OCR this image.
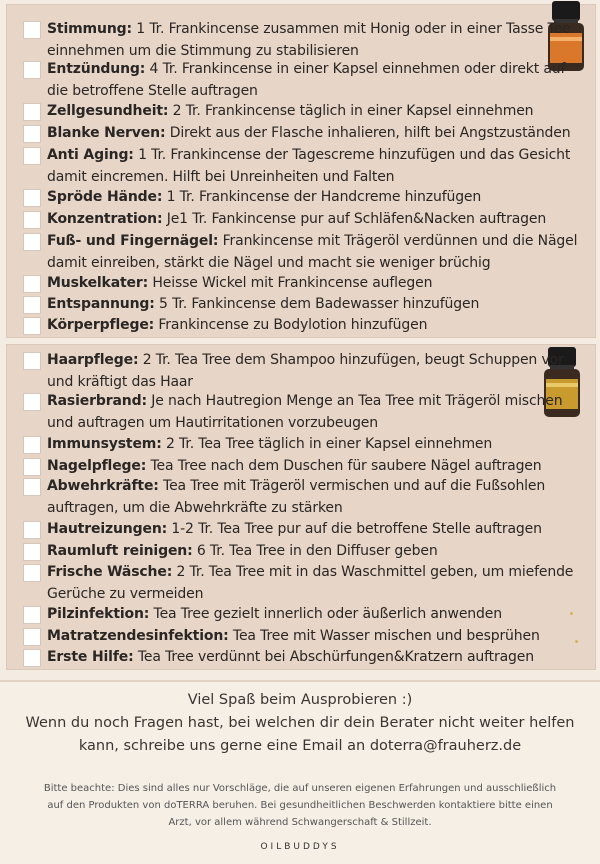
Stimmung: 1 Tr. Frankincense zusammen mit Honig oder in einer Tasse Tee einnehmen um die Stimmung zu stabilisieren
Entzündung: 4 Tr. Frankincense in einer Kapsel einnehmen oder direkt auf die betroffene Stelle auftragen
Zellgesundheit: 2 Tr. Frankincense täglich in einer Kapsel einnehmen
Blanke Nerven: Direkt aus der Flasche inhalieren, hilft bei Angstzuständen
Anti Aging: 1 Tr. Frankincense der Tagescreme hinzufügen und das Gesicht damit eincremen. Hilft bei Unreinheiten und Falten
Spröde Hände: 1 Tr. Frankincense der Handcreme hinzufügen
Konzentration: Je1 Tr. Fankincense pur auf Schläfen&Nacken auftragen
Fuß- und Fingernägel: Frankincense mit Trägeröl verdünnen und die Nägel damit einreiben, stärkt die Nägel und macht sie weniger brüchig
Muskelkater: Heisse Wickel mit Frankincense auflegen
Entspannung: 5 Tr. Fankincense dem Badewasser hinzufügen
Körperpflege: Frankincense zu Bodylotion hinzufügen
Haarpflege: 2 Tr. Tea Tree dem Shampoo hinzufügen, beugt Schuppen vor und kräftigt das Haar
Rasierbrand: Je nach Hautregion Menge an Tea Tree mit Trägeröl mischen und auftragen um Hautirritationen vorzubeugen
Immunsystem: 2 Tr. Tea Tree täglich in einer Kapsel einnehmen
Nagelpflege: Tea Tree nach dem Duschen für saubere Nägel auftragen
Abwehrkräfte: Tea Tree mit Trägeröl vermischen und auf die Fußsohlen auftragen, um die Abwehrkräfte zu stärken
Hautreizungen: 1-2 Tr. Tea Tree pur auf die betroffene Stelle auftragen
Raumluft reinigen: 6 Tr. Tea Tree in den Diffuser geben
Frische Wäsche: 2 Tr. Tea Tree mit in das Waschmittel geben, um miefende Gerüche zu vermeiden
Pilzinfektion: Tea Tree gezielt innerlich oder äußerlich anwenden
Matratzendesinfektion: Tea Tree mit Wasser mischen und besprühen
Erste Hilfe: Tea Tree verdünnt bei Abschürfungen&Kratzern auftragen
Viel Spaß beim Ausprobieren :)
Wenn du noch Fragen hast, bei welchen dir dein Berater nicht weiter helfen
kann, schreibe uns gerne eine Email an doterra@frauherz.de
Bitte beachte: Dies sind alles nur Vorschläge, die auf unseren eigenen Erfahrungen und ausschließlich
auf den Produkten von doTERRA beruhen. Bei gesundheitlichen Beschwerden kontaktiere bitte einen
Arzt, vor allem während Schwangerschaft & Stillzeit.
OILBUDDYS
